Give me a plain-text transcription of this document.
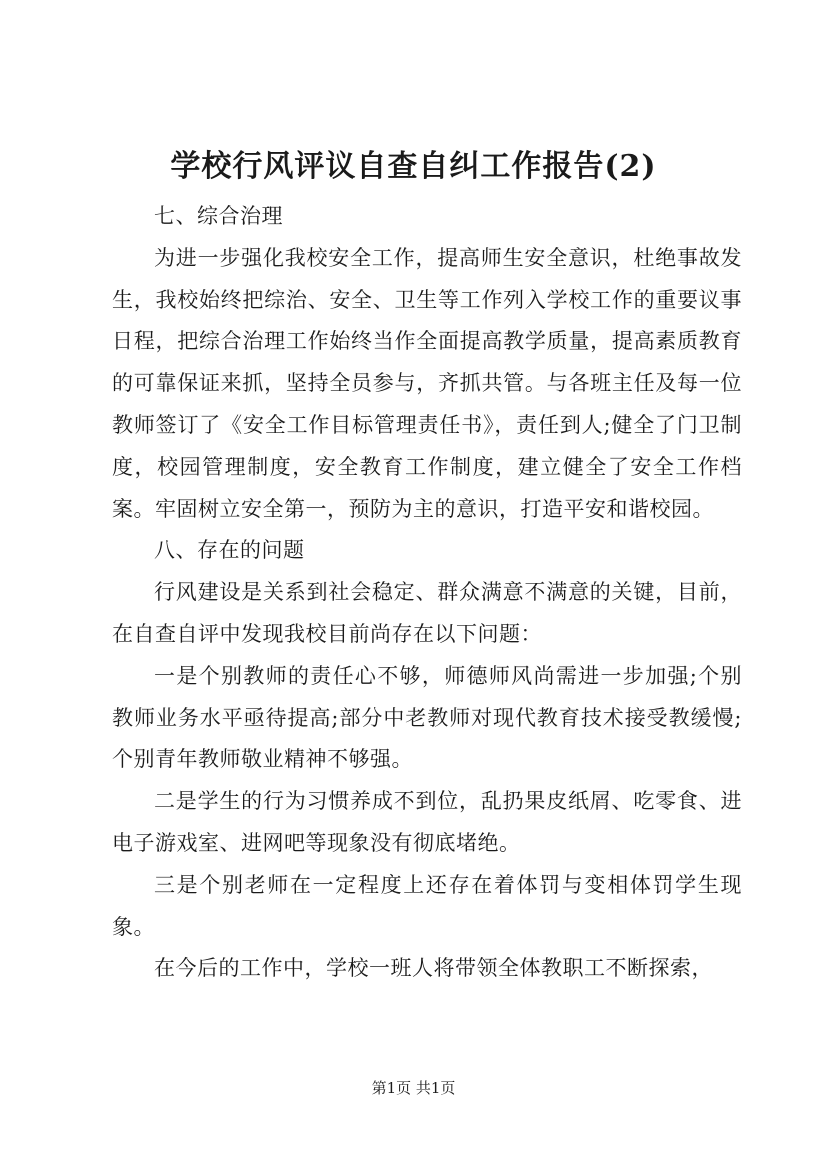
学校行风评议自查自纠工作报告(2)

七、综合治理

为进一步强化我校安全工作，提高师生安全意识，杜绝事故发生，我校始终把综治、安全、卫生等工作列入学校工作的重要议事日程，把综合治理工作始终当作全面提高教学质量，提高素质教育的可靠保证来抓，坚持全员参与，齐抓共管。与各班主任及每一位教师签订了《安全工作目标管理责任书》，责任到人;健全了门卫制度，校园管理制度，安全教育工作制度，建立健全了安全工作档案。牢固树立安全第一，预防为主的意识，打造平安和谐校园。

八、存在的问题

行风建设是关系到社会稳定、群众满意不满意的关键，目前，在自查自评中发现我校目前尚存在以下问题：

一是个别教师的责任心不够，师德师风尚需进一步加强;个别教师业务水平亟待提高;部分中老教师对现代教育技术接受教缓慢;个别青年教师敬业精神不够强。

二是学生的行为习惯养成不到位，乱扔果皮纸屑、吃零食、进电子游戏室、进网吧等现象没有彻底堵绝。

三是个别老师在一定程度上还存在着体罚与变相体罚学生现象。

在今后的工作中，学校一班人将带领全体教职工不断探索，

第1页 共1页
